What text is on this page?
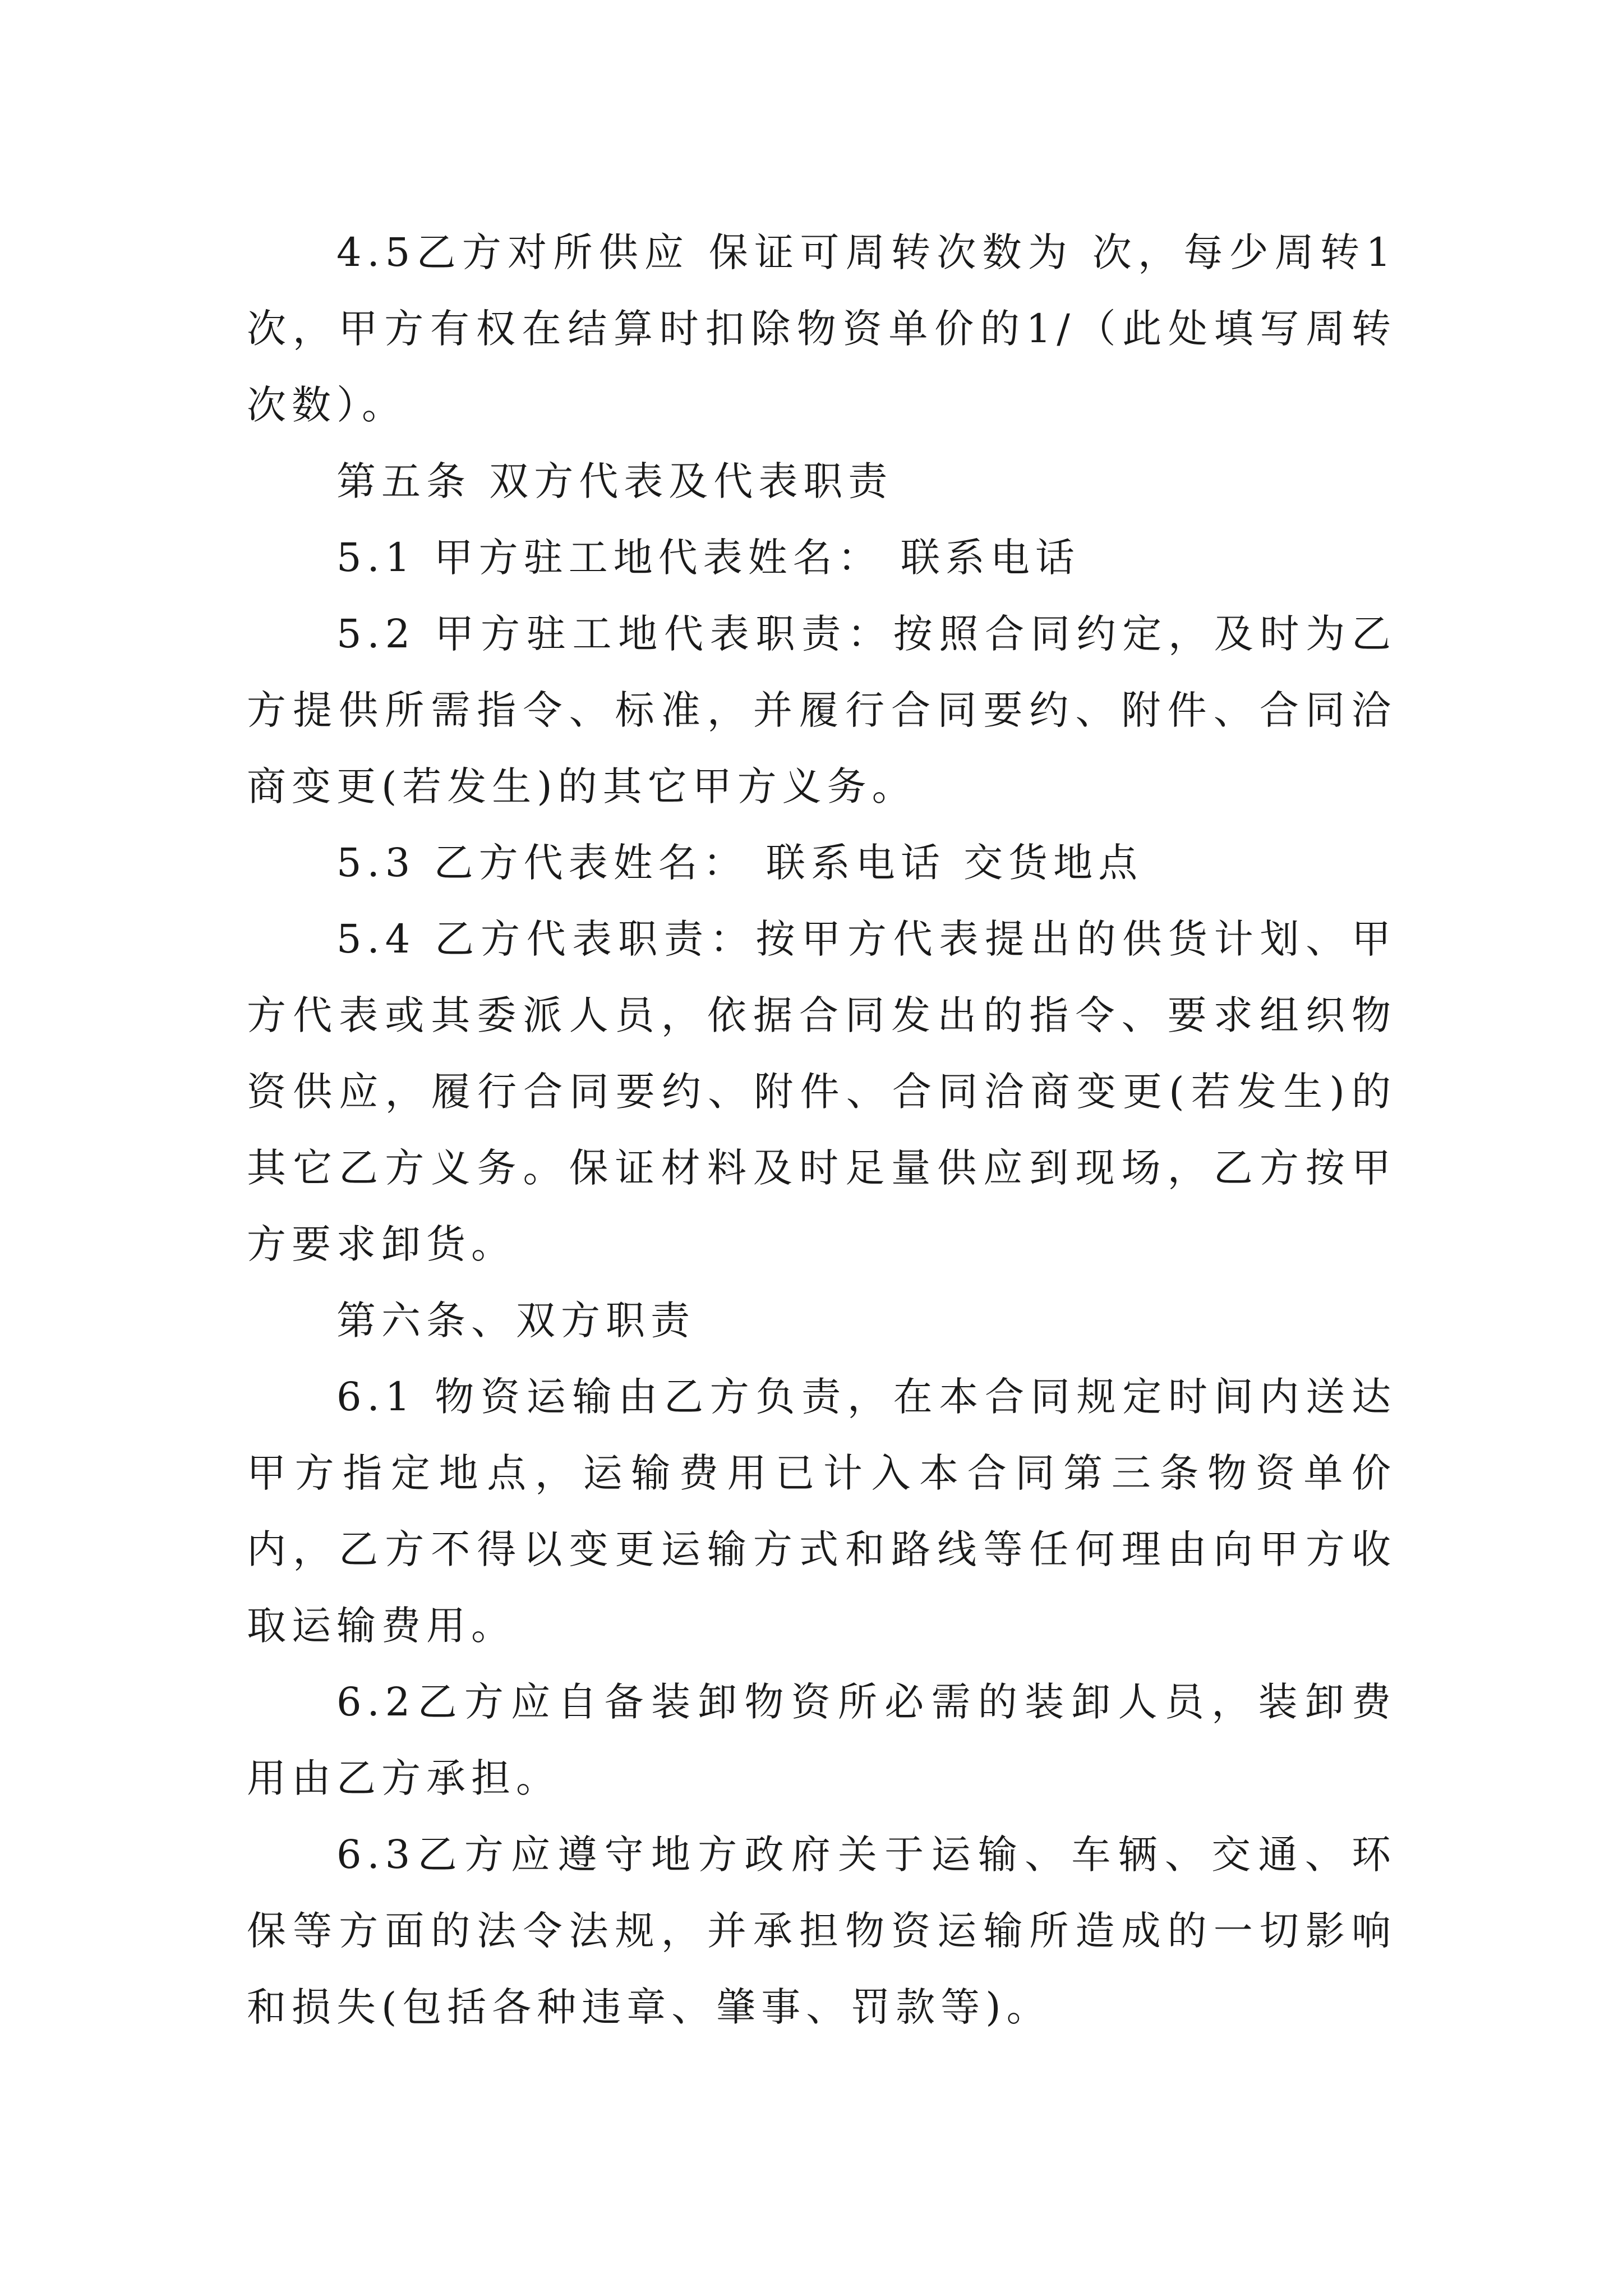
4.5乙方对所供应 保证可周转次数为 次，每少周转1次，甲方有权在结算时扣除物资单价的1/（此处填写周转次数）。

第五条 双方代表及代表职责

5.1 甲方驻工地代表姓名： 联系电话

5.2 甲方驻工地代表职责：按照合同约定，及时为乙方提供所需指令、标准，并履行合同要约、附件、合同洽商变更(若发生)的其它甲方义务。

5.3 乙方代表姓名： 联系电话 交货地点

5.4 乙方代表职责：按甲方代表提出的供货计划、甲方代表或其委派人员，依据合同发出的指令、要求组织物资供应，履行合同要约、附件、合同洽商变更(若发生)的其它乙方义务。保证材料及时足量供应到现场，乙方按甲方要求卸货。

第六条、双方职责

6.1 物资运输由乙方负责，在本合同规定时间内送达甲方指定地点，运输费用已计入本合同第三条物资单价内，乙方不得以变更运输方式和路线等任何理由向甲方收取运输费用。

6.2乙方应自备装卸物资所必需的装卸人员，装卸费用由乙方承担。

6.3乙方应遵守地方政府关于运输、车辆、交通、环保等方面的法令法规，并承担物资运输所造成的一切影响和损失(包括各种违章、肇事、罚款等)。
